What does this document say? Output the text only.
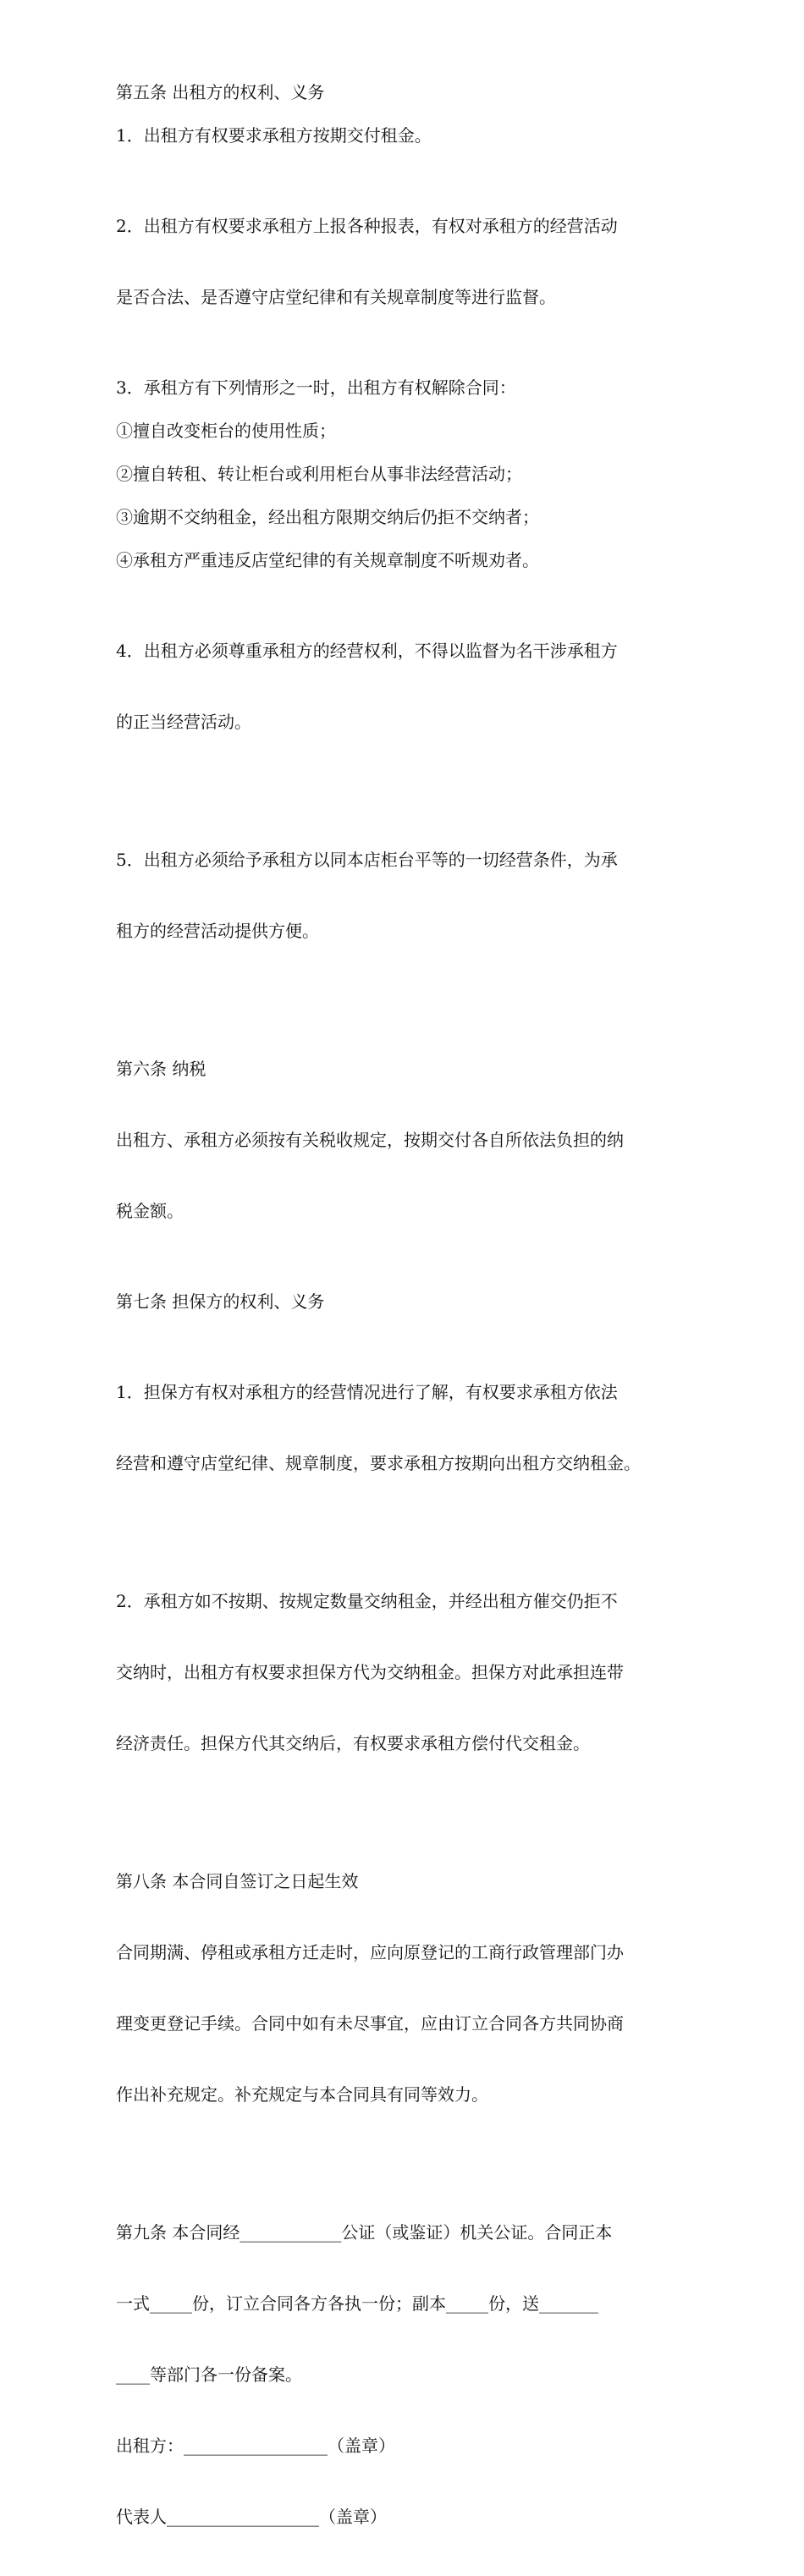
第五条 出租方的权利、义务

1．出租方有权要求承租方按期交付租金。

2．出租方有权要求承租方上报各种报表，有权对承租方的经营活动

是否合法、是否遵守店堂纪律和有关规章制度等进行监督。

3．承租方有下列情形之一时，出租方有权解除合同：

①擅自改变柜台的使用性质；

②擅自转租、转让柜台或利用柜台从事非法经营活动；

③逾期不交纳租金，经出租方限期交纳后仍拒不交纳者；

④承租方严重违反店堂纪律的有关规章制度不听规劝者。

4．出租方必须尊重承租方的经营权利，不得以监督为名干涉承租方

的正当经营活动。

5．出租方必须给予承租方以同本店柜台平等的一切经营条件，为承

租方的经营活动提供方便。

第六条 纳税

出租方、承租方必须按有关税收规定，按期交付各自所依法负担的纳

税金额。

第七条 担保方的权利、义务

1．担保方有权对承租方的经营情况进行了解，有权要求承租方依法

经营和遵守店堂纪律、规章制度，要求承租方按期向出租方交纳租金。

2．承租方如不按期、按规定数量交纳租金，并经出租方催交仍拒不

交纳时，出租方有权要求担保方代为交纳租金。担保方对此承担连带

经济责任。担保方代其交纳后，有权要求承租方偿付代交租金。

第八条 本合同自签订之日起生效

合同期满、停租或承租方迁走时，应向原登记的工商行政管理部门办

理变更登记手续。合同中如有未尽事宜，应由订立合同各方共同协商

作出补充规定。补充规定与本合同具有同等效力。

第九条 本合同经____________公证（或鉴证）机关公证。合同正本

一式_____份，订立合同各方各执一份；副本_____份，送_______

____等部门各一份备案。

出租方：_________________（盖章）

代表人__________________（盖章）
